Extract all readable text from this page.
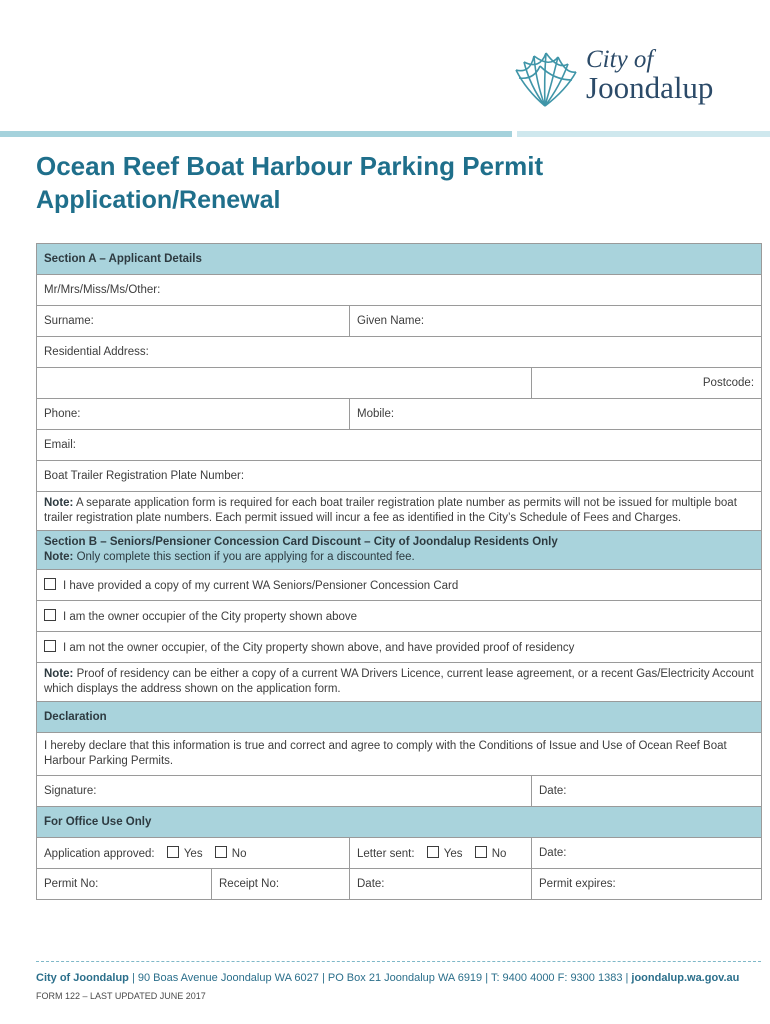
City of
Joondalup
Ocean Reef Boat Harbour Parking Permit
Application/Renewal
Section A – Applicant Details			
Mr/Mrs/Miss/Ms/Other:			
Surname:		Given Name:	
Residential Address:			
			Postcode:
Phone:		Mobile:	
Email:			
Boat Trailer Registration Plate Number:			
Note: A separate application form is required for each boat trailer registration plate number as permits will not be issued for multiple boat trailer registration plate numbers. Each permit issued will incur a fee as identified in the City’s Schedule of Fees and Charges.			
Section B – Seniors/Pensioner Concession Card Discount – City of Joondalup Residents Only
Note: Only complete this section if you are applying for a discounted fee.			
I have provided a copy of my current WA Seniors/Pensioner Concession Card			
I am the owner occupier of the City property shown above			
I am not the owner occupier, of the City property shown above, and have provided proof of residency			
Note: Proof of residency can be either a copy of a current WA Drivers Licence, current lease agreement, or a recent Gas/Electricity Account which displays the address shown on the application form.			
Declaration			
I hereby declare that this information is true and correct and agree to comply with the Conditions of Issue and Use of Ocean Reef Boat Harbour Parking Permits.			
Signature:			Date:
For Office Use Only			
Application approved: Yes No		Letter sent: Yes No	Date:
Permit No:	Receipt No:	Date:	Permit expires:
City of Joondalup | 90 Boas Avenue Joondalup WA 6027 | PO Box 21 Joondalup WA 6919 | T: 9400 4000 F: 9300 1383 | joondalup.wa.gov.au
FORM 122 – LAST UPDATED JUNE 2017
